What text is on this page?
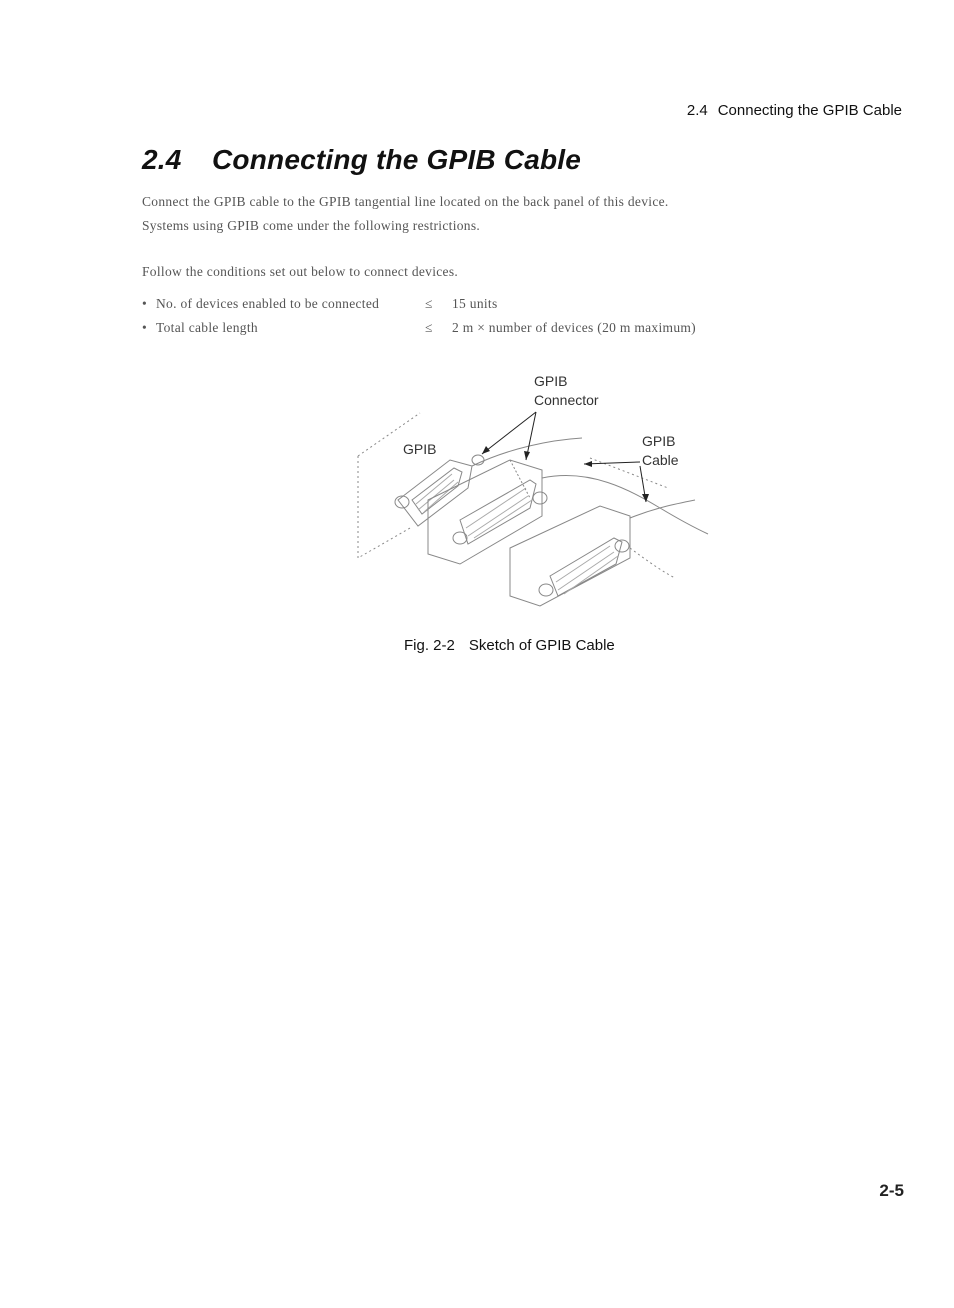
2.4 Connecting the GPIB Cable
2.4 Connecting the GPIB Cable
Connect the GPIB cable to the GPIB tangential line located on the back panel of this device.
Systems using GPIB come under the following restrictions.
Follow the conditions set out below to connect devices.
• No. of devices enabled to be connected	≤ 15 units
• Total cable length	≤ 2 m × number of devices (20 m maximum)
GPIB
Connector
GPIB	GPIB
Cable
Fig. 2-2 Sketch of GPIB Cable
2-5
